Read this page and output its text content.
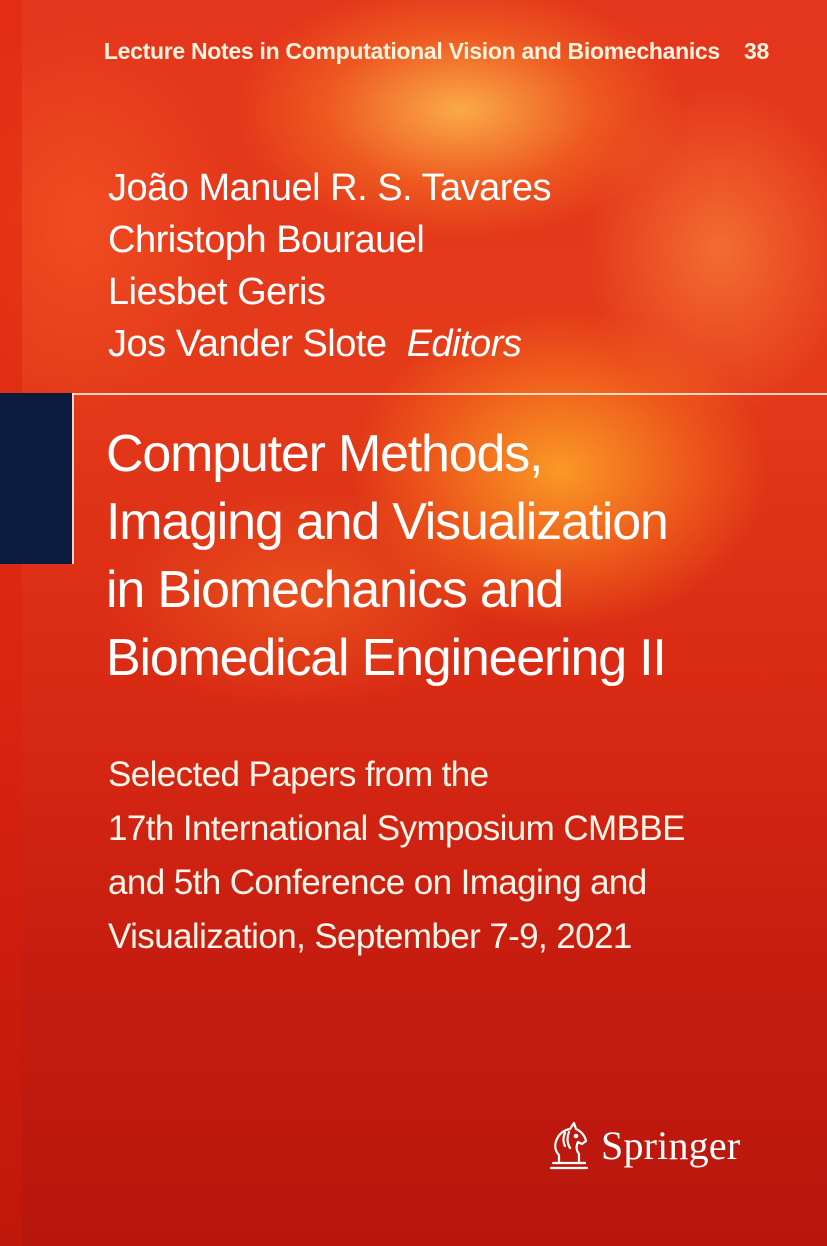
Lecture Notes in Computational Vision and Biomechanics 38
João Manuel R. S. Tavares
Christoph Bourauel
Liesbet Geris
Jos Vander Slote Editors
Computer Methods,
Imaging and Visualization
in Biomechanics and
Biomedical Engineering II
Selected Papers from the
17th International Symposium CMBBE
and 5th Conference on Imaging and
Visualization, September 7-9, 2021
Springer
